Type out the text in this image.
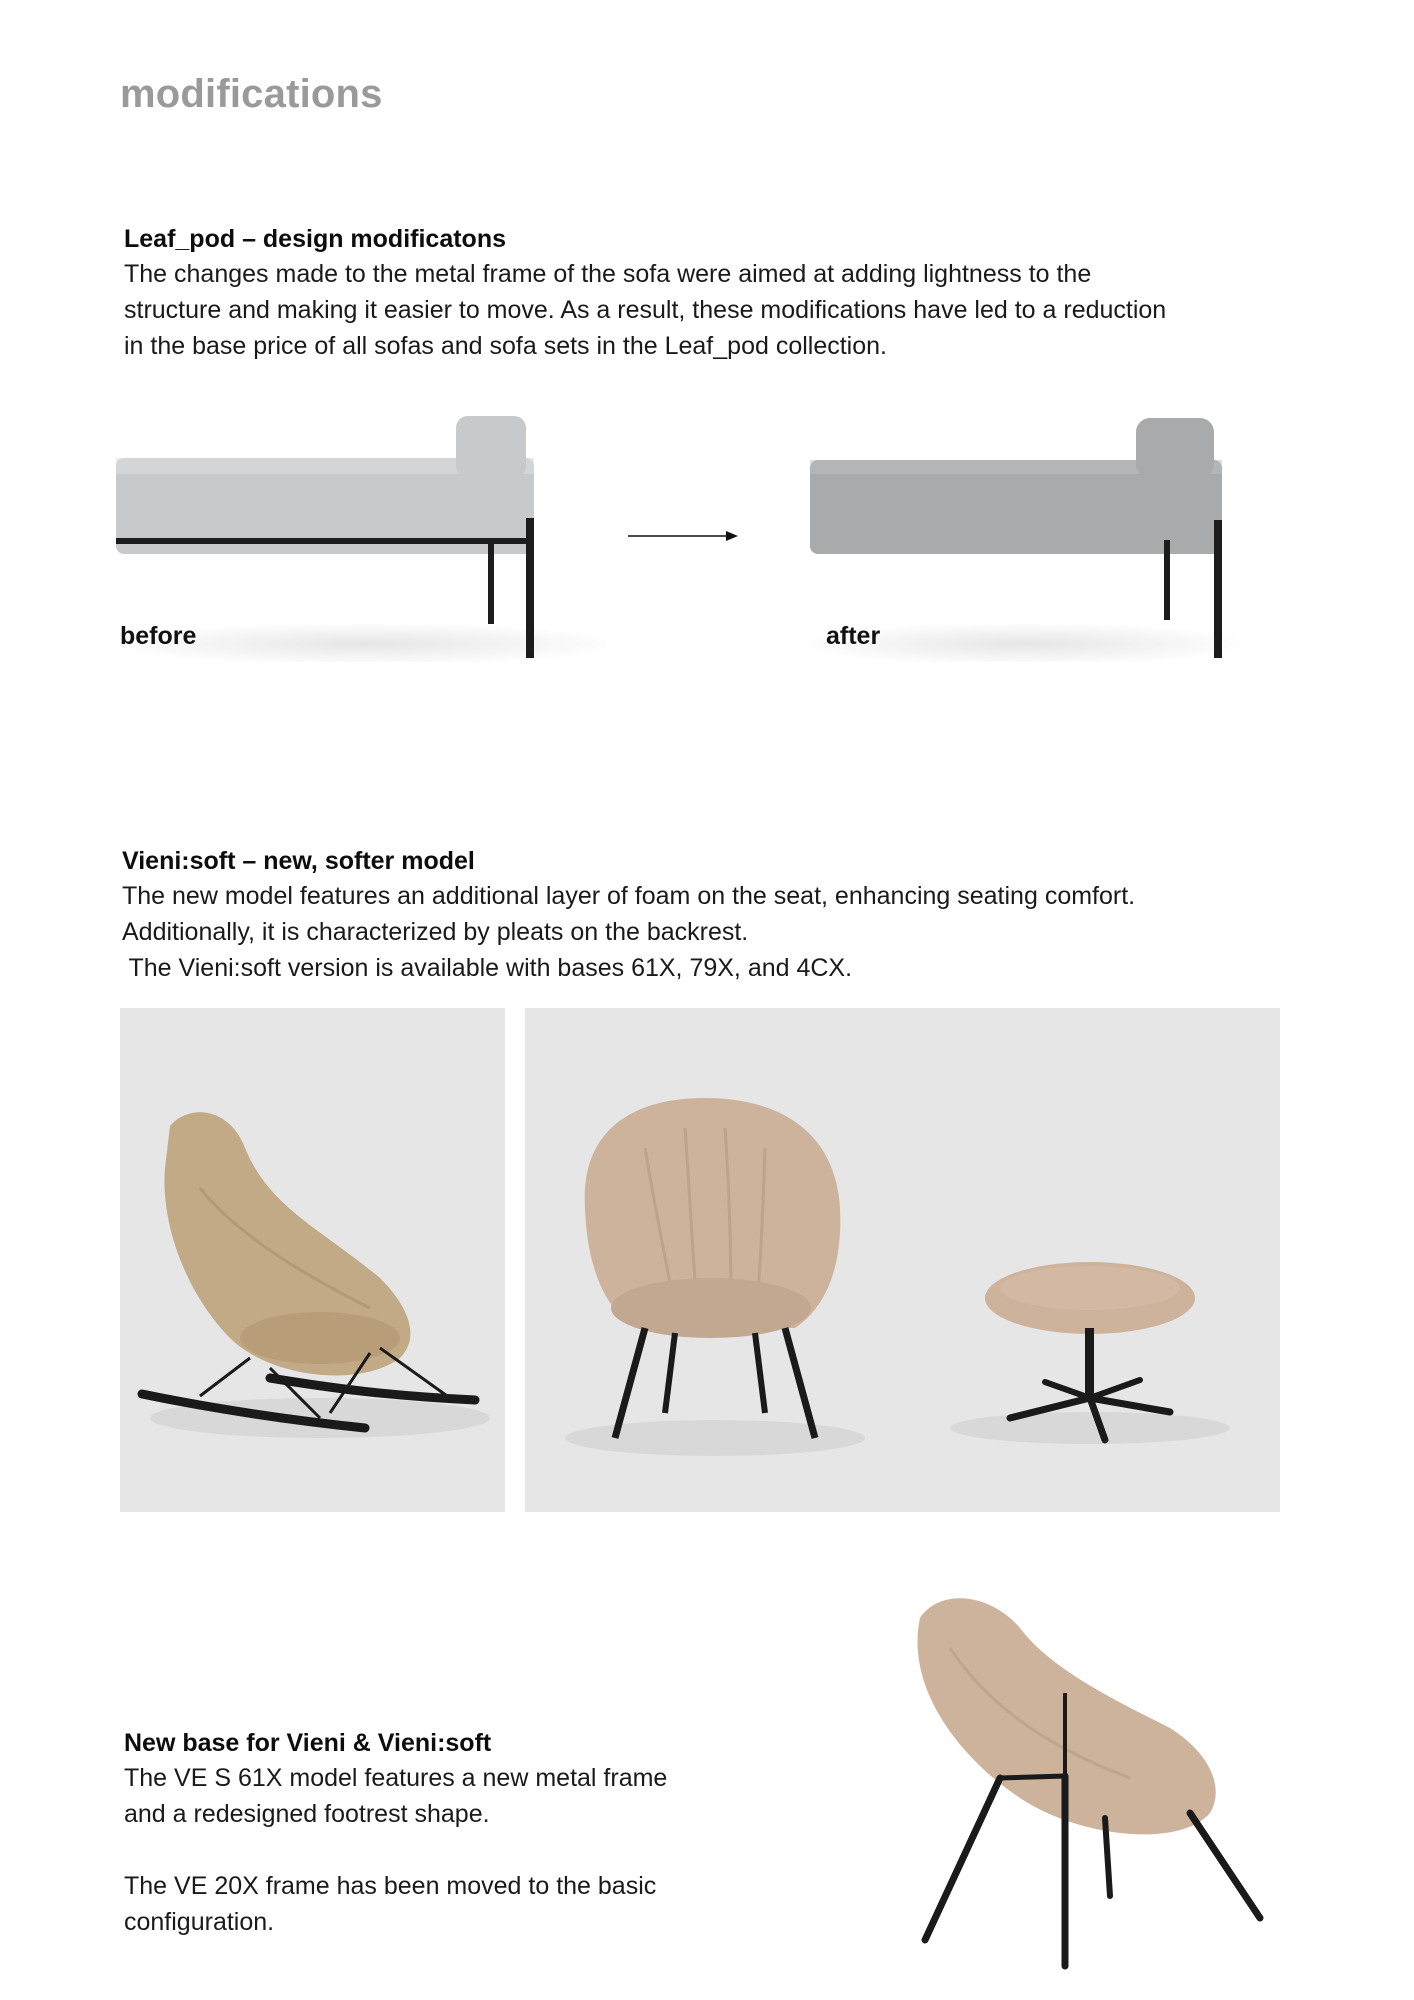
modifications

Leaf_pod – design modificatons

The changes made to the metal frame of the sofa were aimed at adding lightness to the

structure and making it easier to move. As a result, these modifications have led to a reduction

in the base price of all sofas and sofa sets in the Leaf_pod collection.

before	after

Vieni:soft – new, softer model

The new model features an additional layer of foam on the seat, enhancing seating comfort.

Additionally, it is characterized by pleats on the backrest.

The Vieni:soft version is available with bases 61X, 79X, and 4CX.

New base for Vieni & Vieni:soft

The VE S 61X model features a new metal frame

and a redesigned footrest shape.

The VE 20X frame has been moved to the basic

configuration.
